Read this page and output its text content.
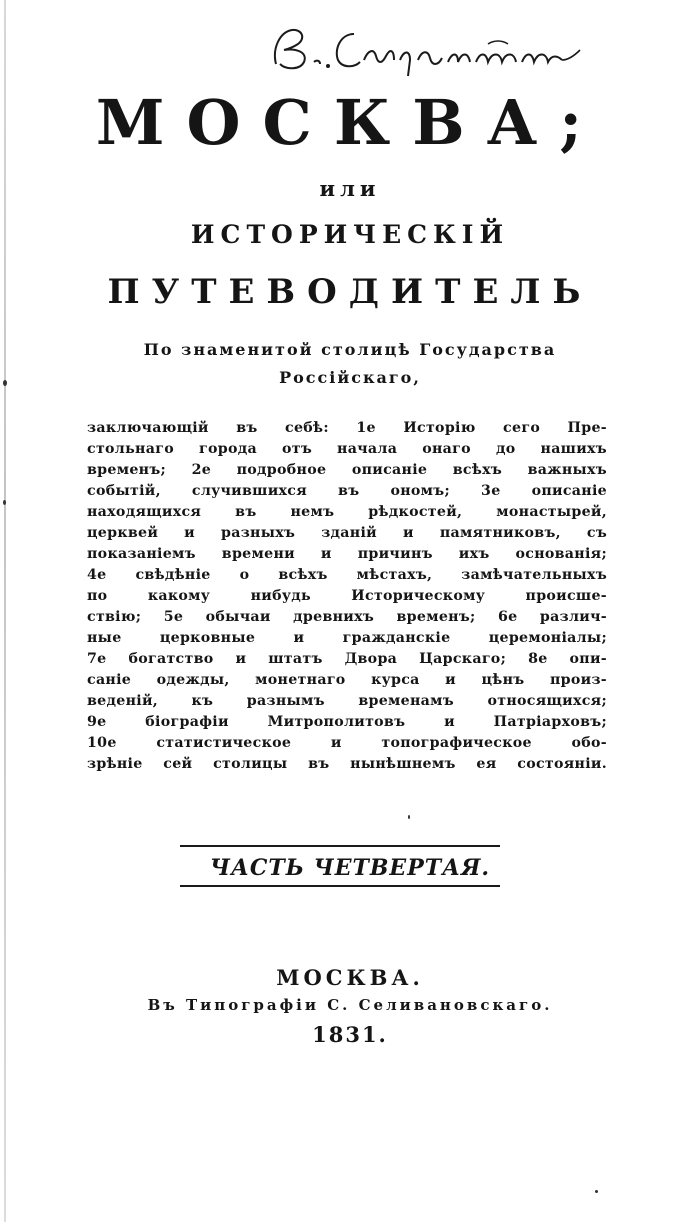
МОСКВА;
или
ИСТОРИЧЕСКІЙ
ПУТЕВОДИТЕЛЬ
По знаменитой столицѣ Государства
Россійскаго,
заключающій въ себѣ: 1е Исторію сего Пре-
стольнаго города отъ начала онаго до нашихъ
временъ; 2е подробное описаніе всѣхъ важныхъ
событій, случившихся въ ономъ; 3е описаніе
находящихся въ немъ рѣдкостей, монастырей,
церквей и разныхъ зданій и памятниковъ, съ
показаніемъ времени и причинъ ихъ основанія;
4е свѣдѣніе о всѣхъ мѣстахъ, замѣчательныхъ
по какому нибудь Историческому происше-
ствію; 5е обычаи древнихъ временъ; 6е различ-
ные церковные и гражданскіе церемоніалы;
7е богатство и штатъ Двора Царскаго; 8е опи-
саніе одежды, монетнаго курса и цѣнъ произ-
веденій, къ разнымъ временамъ относящихся;
9е біографіи Митрополитовъ и Патріарховъ;
10е статистическое и топографическое обо-
зрѣніе сей столицы въ нынѣшнемъ ея состояніи.
ЧАСТЬ ЧЕТВЕРТАЯ.
МОСКВА.
Въ Типографіи С. Селивановскаго.
1831.
